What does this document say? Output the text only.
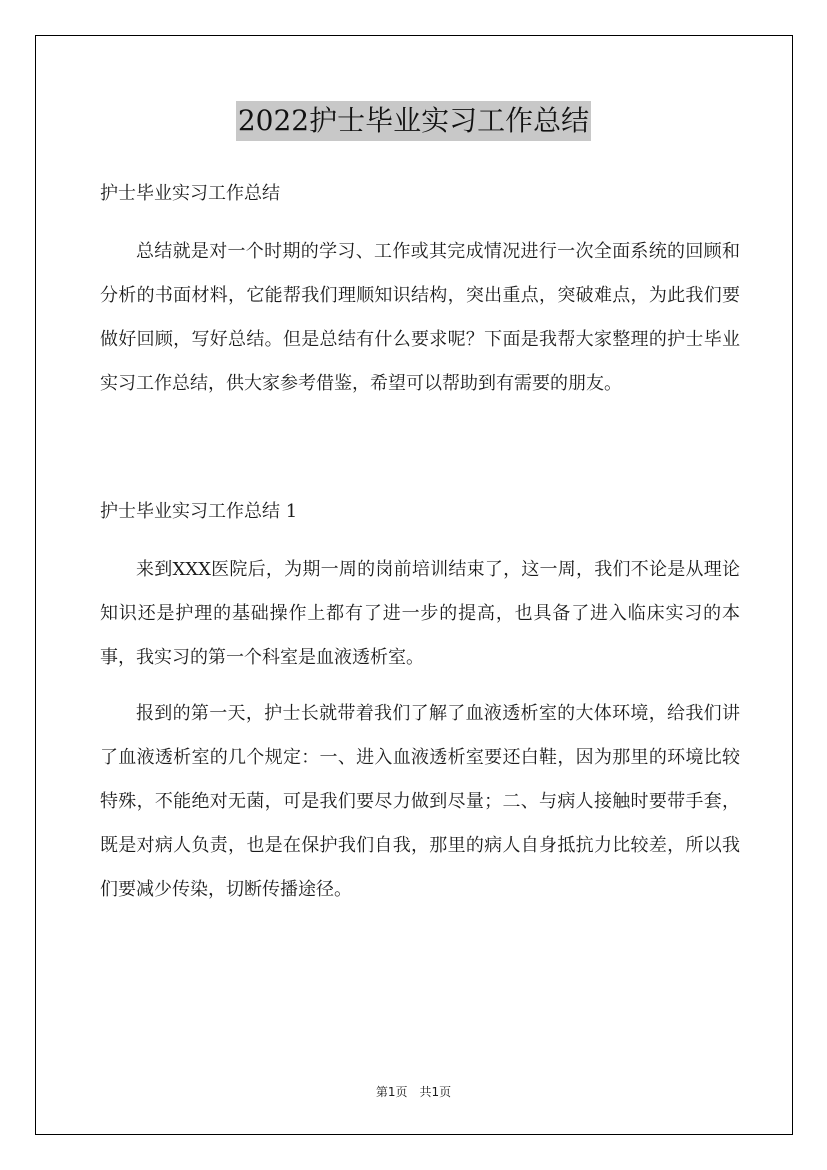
2022护士毕业实习工作总结

护士毕业实习工作总结

总结就是对一个时期的学习、工作或其完成情况进行一次全面系统的回顾和分析的书面材料，它能帮我们理顺知识结构，突出重点，突破难点，为此我们要做好回顾，写好总结。但是总结有什么要求呢？下面是我帮大家整理的护士毕业实习工作总结，供大家参考借鉴，希望可以帮助到有需要的朋友。

护士毕业实习工作总结 1

来到XXX医院后，为期一周的岗前培训结束了，这一周，我们不论是从理论知识还是护理的基础操作上都有了进一步的提高，也具备了进入临床实习的本事，我实习的第一个科室是血液透析室。

报到的第一天，护士长就带着我们了解了血液透析室的大体环境，给我们讲了血液透析室的几个规定：一、进入血液透析室要还白鞋，因为那里的环境比较特殊，不能绝对无菌，可是我们要尽力做到尽量；二、与病人接触时要带手套，既是对病人负责，也是在保护我们自我，那里的病人自身抵抗力比较差，所以我们要减少传染，切断传播途径。

第1页　共1页
